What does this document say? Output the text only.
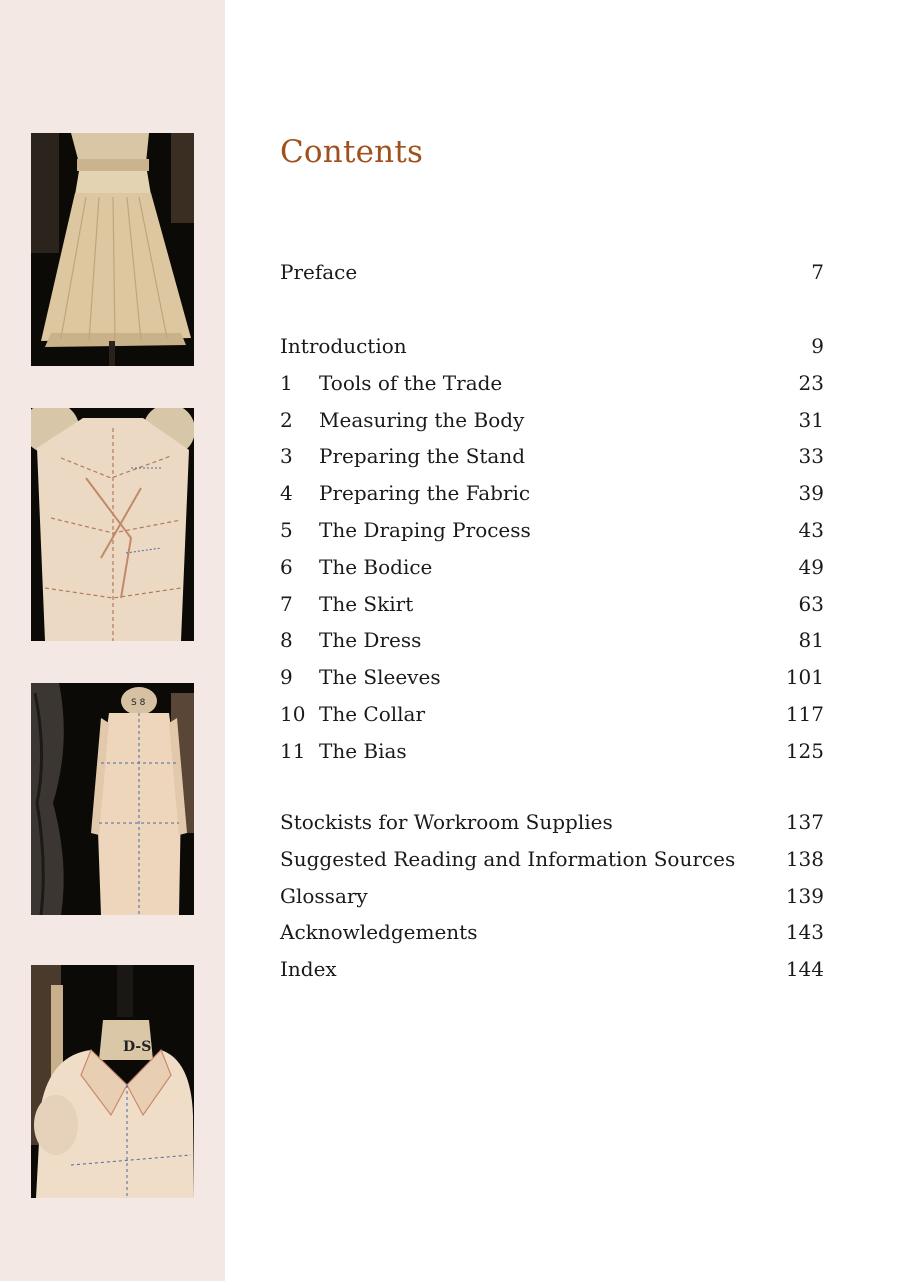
S 8
D-S
Contents
Preface	7
Introduction	9
1 Tools of the Trade	23
2 Measuring the Body	31
3 Preparing the Stand	33
4 Preparing the Fabric	39
5 The Draping Process	43
6 The Bodice	49
7 The Skirt	63
8 The Dress	81
9 The Sleeves	101
10 The Collar	117
11 The Bias	125
Stockists for Workroom Supplies	137
Suggested Reading and Information Sources	138
Glossary	139
Acknowledgements	143
Index	144
